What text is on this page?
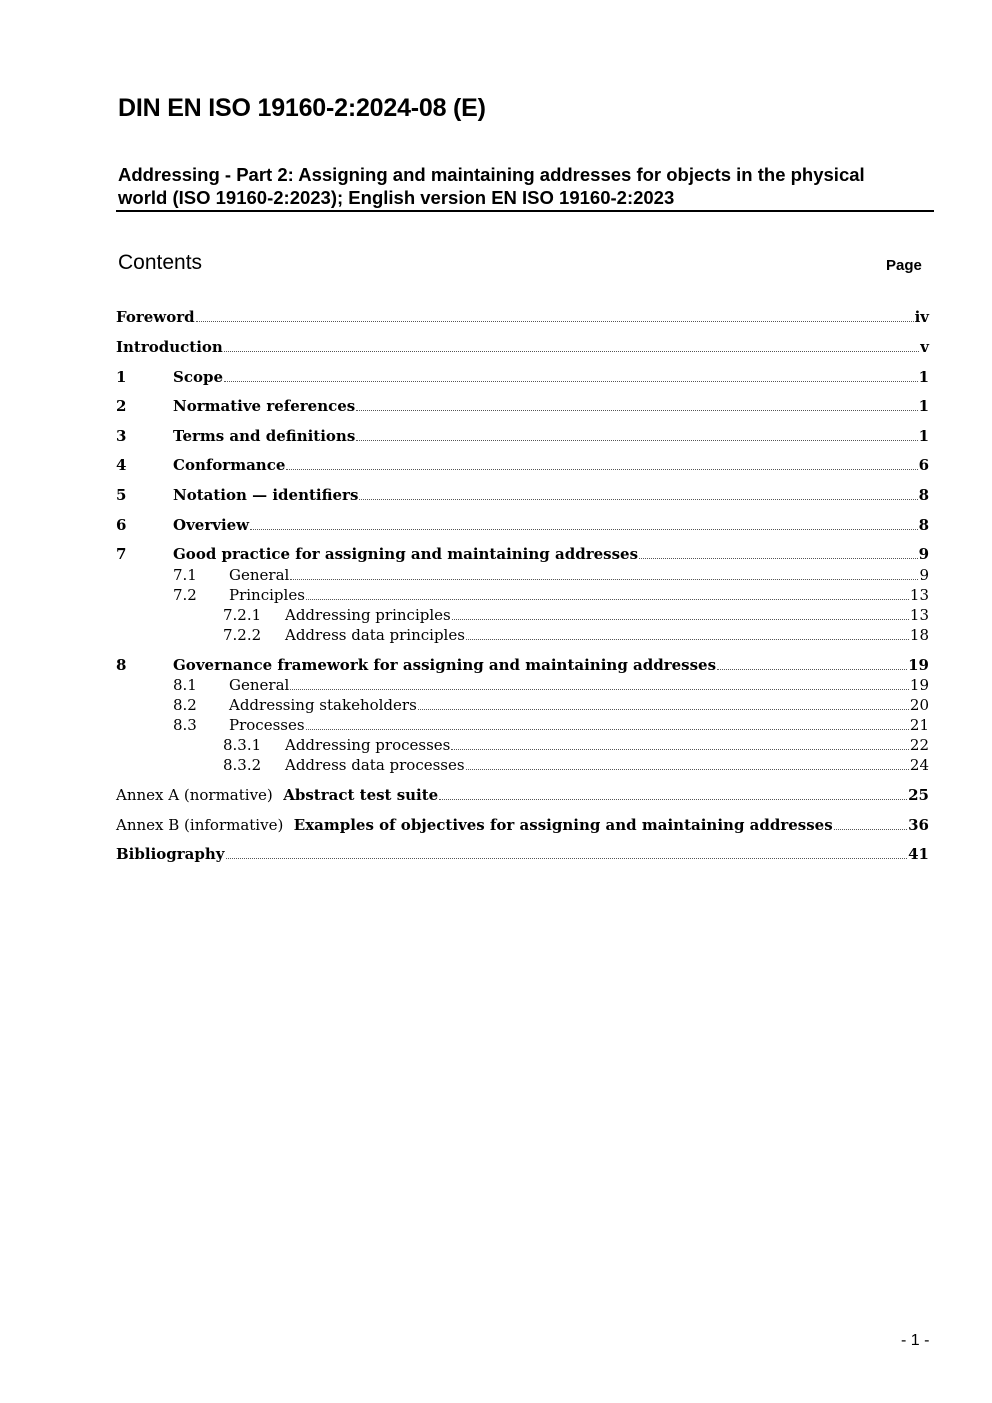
DIN EN ISO 19160-2:2024-08 (E)
Addressing - Part 2: Assigning and maintaining addresses for objects in the physical
world (ISO 19160-2:2023); English version EN ISO 19160-2:2023
Contents	Page
Foreword	iv
Introduction	v
1	Scope	1
2	Normative references	1
3	Terms and definitions	1
4	Conformance	6
5	Notation — identifiers	8
6	Overview	8
7	Good practice for assigning and maintaining addresses	9
7.1	General	9
7.2	Principles	13
7.2.1	Addressing principles	13
7.2.2	Address data principles	18
8	Governance framework for assigning and maintaining addresses	19
8.1	General	19
8.2	Addressing stakeholders	20
8.3	Processes	21
8.3.1	Addressing processes	22
8.3.2	Address data processes	24
Annex A (normative) Abstract test suite	25
Annex B (informative) Examples of objectives for assigning and maintaining addresses	36
Bibliography	41
- 1 -
